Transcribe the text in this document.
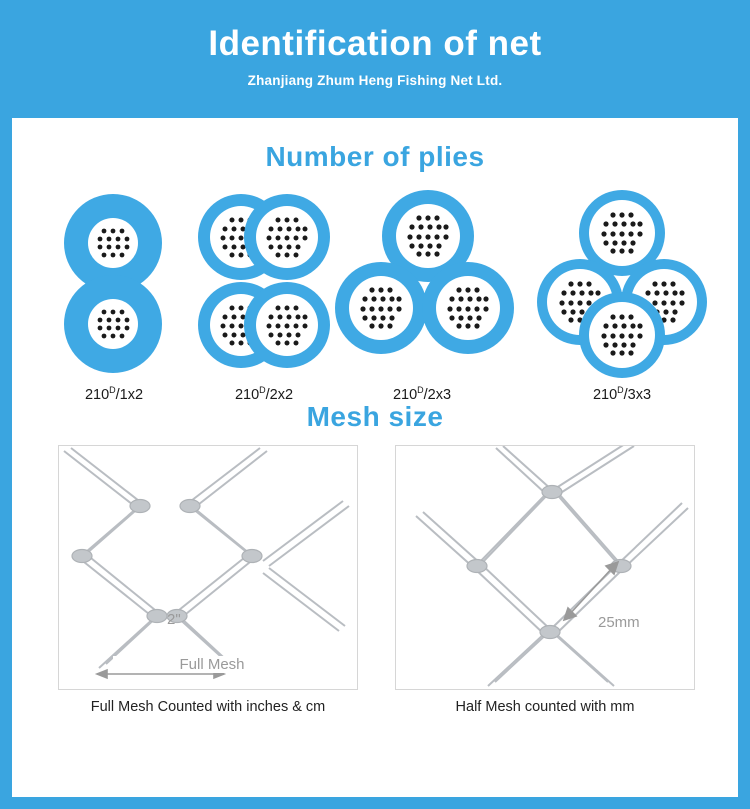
Identification of net

Zhanjiang Zhum Heng Fishing Net Ltd.

Number of plies
$210^D/1x2$	$210^D/2x2$	$210^D/2x3$	$210^D/3x3$
Mesh size
2"
Full Mesh
25mm
Full Mesh Counted with inches & cm	Half Mesh counted with mm
